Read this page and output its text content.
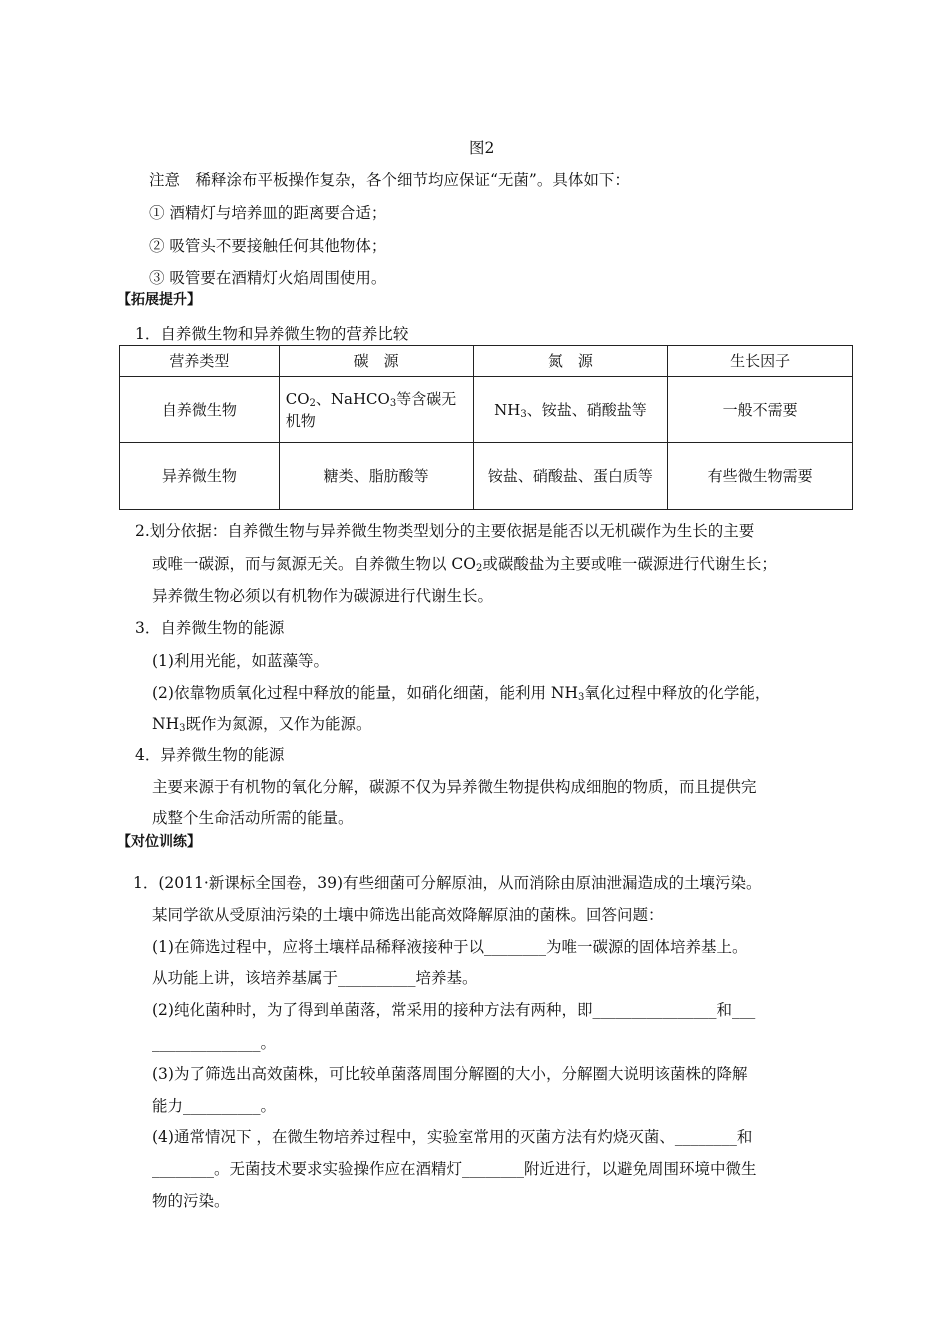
图2
注意　稀释涂布平板操作复杂，各个细节均应保证“无菌”。具体如下：
① 酒精灯与培养皿的距离要合适；
② 吸管头不要接触任何其他物体；
③ 吸管要在酒精灯火焰周围使用。
【拓展提升】
1．自养微生物和异养微生物的营养比较
营养类型	碳　源	氮　源	生长因子
自养微生物	$CO_2$、NaHCO$_3$等含碳无机物	$NH_3$、铵盐、硝酸盐等	一般不需要
异养微生物	糖类、脂肪酸等	铵盐、硝酸盐、蛋白质等	有些微生物需要
2.划分依据：自养微生物与异养微生物类型划分的主要依据是能否以无机碳作为生长的主要
或唯一碳源，而与氮源无关。自养微生物以 $CO_2$或碳酸盐为主要或唯一碳源进行代谢生长；
异养微生物必须以有机物作为碳源进行代谢生长。
3．自养微生物的能源
(1)利用光能，如蓝藻等。
(2)依靠物质氧化过程中释放的能量，如硝化细菌，能利用 $NH_3$氧化过程中释放的化学能，
$NH_3$既作为氮源，又作为能源。
4．异养微生物的能源
主要来源于有机物的氧化分解，碳源不仅为异养微生物提供构成细胞的物质，而且提供完
成整个生命活动所需的能量。
【对位训练】
1．(2011·新课标全国卷，39)有些细菌可分解原油，从而消除由原油泄漏造成的土壤污染。
某同学欲从受原油污染的土壤中筛选出能高效降解原油的菌株。回答问题：
(1)在筛选过程中，应将土壤样品稀释液接种于以________为唯一碳源的固体培养基上。
从功能上讲，该培养基属于__________培养基。
(2)纯化菌种时，为了得到单菌落，常采用的接种方法有两种，即________________和___
______________。
(3)为了筛选出高效菌株，可比较单菌落周围分解圈的大小，分解圈大说明该菌株的降解
能力__________。
(4)通常情况下 ，在微生物培养过程中，实验室常用的灭菌方法有灼烧灭菌、________和
________。无菌技术要求实验操作应在酒精灯________附近进行，以避免周围环境中微生
物的污染。
